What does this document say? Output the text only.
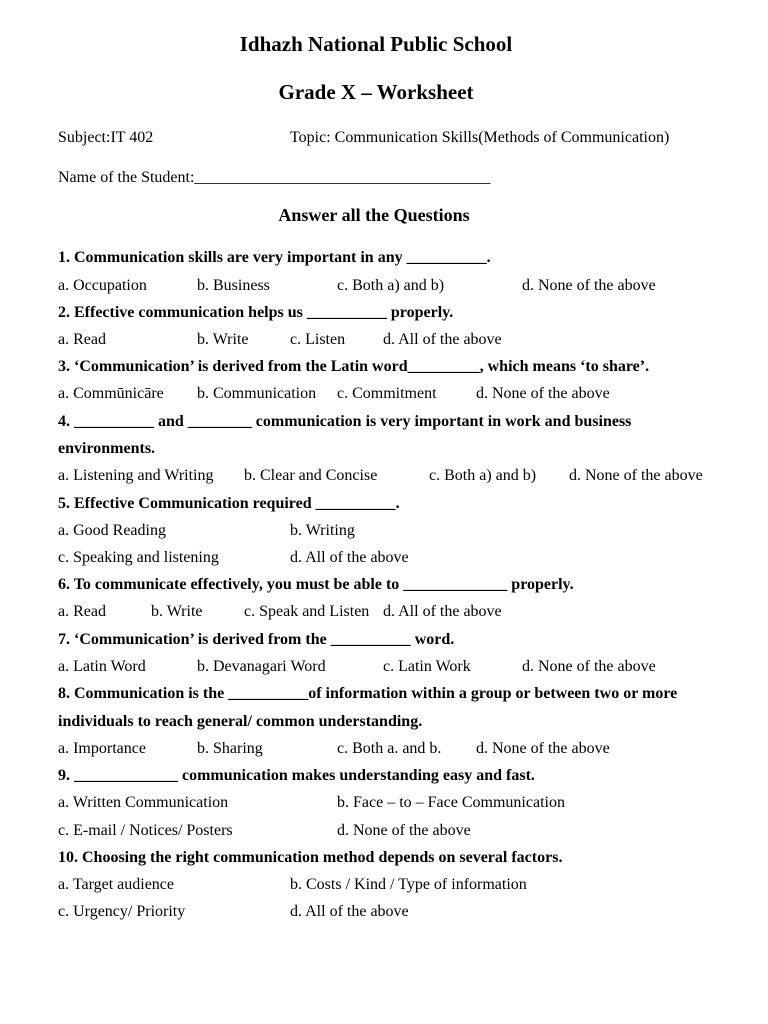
Idhazh National Public School
Grade X – Worksheet
Subject:IT 402	Topic: Communication Skills(Methods of Communication)
Name of the Student:_____________________________________
Answer all the Questions
1. Communication skills are very important in any __________.
a. Occupation	b. Business	c. Both a) and b)	d. None of the above
2. Effective communication helps us __________ properly.
a. Read	b. Write	c. Listen d. All of the above
3. ‘Communication’ is derived from the Latin word_________, which means ‘to share’.
a. Commūnicāre b. Communication c. Commitment d. None of the above
4. __________ and ________ communication is very important in work and business
environments.
a. Listening and Writing b. Clear and Concise	c. Both a) and b) d. None of the above
5. Effective Communication required __________.
a. Good Reading	b. Writing
c. Speaking and listening	d. All of the above
6. To communicate effectively, you must be able to _____________ properly.
a. Read	b. Write	c. Speak and Listen d. All of the above
7. ‘Communication’ is derived from the __________ word.
a. Latin Word	b. Devanagari Word	c. Latin Work	d. None of the above
8. Communication is the __________of information within a group or between two or more
individuals to reach general/ common understanding.
a. Importance	b. Sharing	c. Both a. and b. d. None of the above
9. _____________ communication makes understanding easy and fast.
a. Written Communication	b. Face – to – Face Communication
c. E-mail / Notices/ Posters	d. None of the above
10. Choosing the right communication method depends on several factors.
a. Target audience	b. Costs / Kind / Type of information
c. Urgency/ Priority	d. All of the above
